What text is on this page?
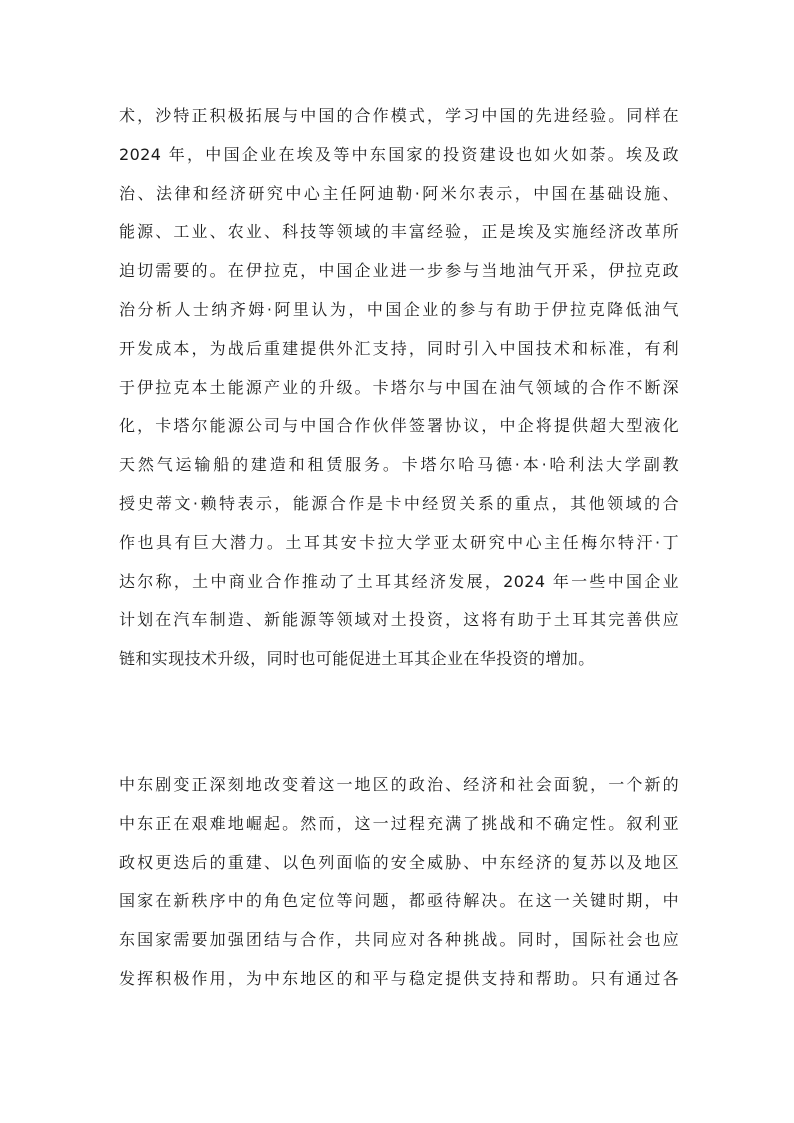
术，沙特正积极拓展与中国的合作模式，学习中国的先进经验。同样在
2024 年，中国企业在埃及等中东国家的投资建设也如火如荼。埃及政
治、法律和经济研究中心主任阿迪勒·阿米尔表示，中国在基础设施、
能源、工业、农业、科技等领域的丰富经验，正是埃及实施经济改革所
迫切需要的。在伊拉克，中国企业进一步参与当地油气开采，伊拉克政
治分析人士纳齐姆·阿里认为，中国企业的参与有助于伊拉克降低油气
开发成本，为战后重建提供外汇支持，同时引入中国技术和标准，有利
于伊拉克本土能源产业的升级。卡塔尔与中国在油气领域的合作不断深
化，卡塔尔能源公司与中国合作伙伴签署协议，中企将提供超大型液化
天然气运输船的建造和租赁服务。卡塔尔哈马德·本·哈利法大学副教
授史蒂文·赖特表示，能源合作是卡中经贸关系的重点，其他领域的合
作也具有巨大潜力。土耳其安卡拉大学亚太研究中心主任梅尔特汗·丁
达尔称，土中商业合作推动了土耳其经济发展，2024 年一些中国企业
计划在汽车制造、新能源等领域对土投资，这将有助于土耳其完善供应
链和实现技术升级，同时也可能促进土耳其企业在华投资的增加。
中东剧变正深刻地改变着这一地区的政治、经济和社会面貌，一个新的
中东正在艰难地崛起。然而，这一过程充满了挑战和不确定性。叙利亚
政权更迭后的重建、以色列面临的安全威胁、中东经济的复苏以及地区
国家在新秩序中的角色定位等问题，都亟待解决。在这一关键时期，中
东国家需要加强团结与合作，共同应对各种挑战。同时，国际社会也应
发挥积极作用，为中东地区的和平与稳定提供支持和帮助。只有通过各
